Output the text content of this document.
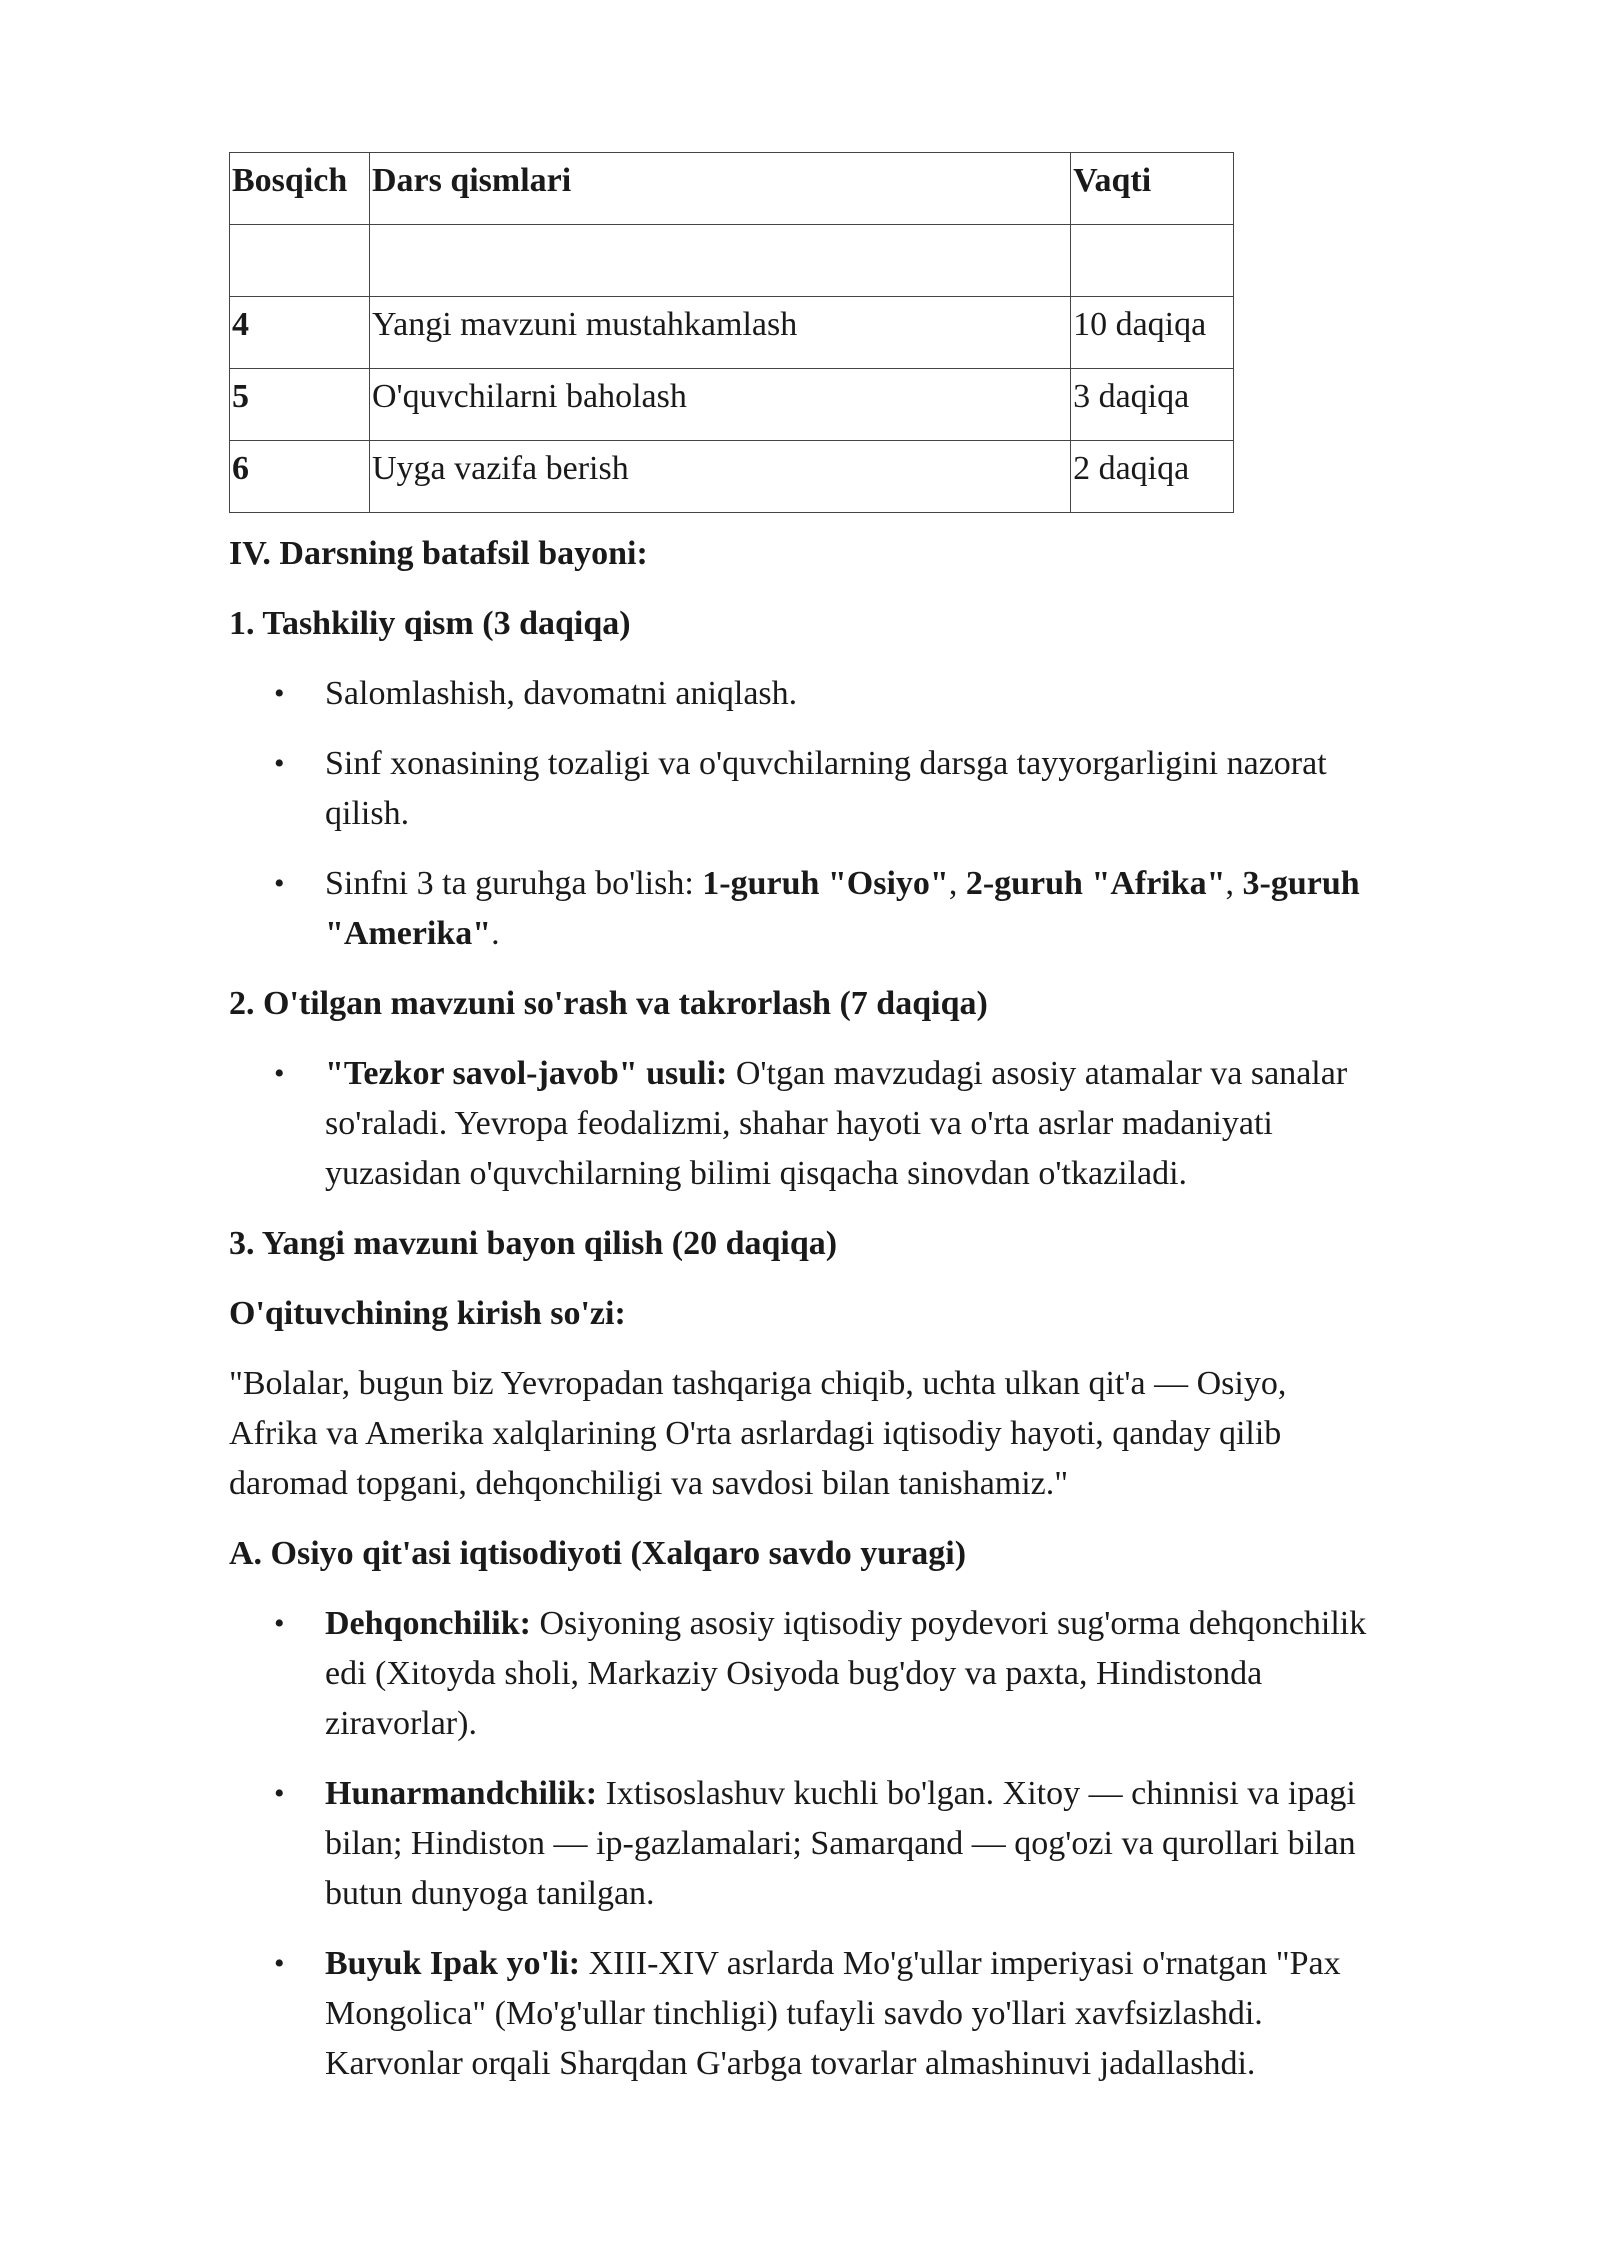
Bosqich	Dars qismlari	Vaqti

4	Yangi mavzuni mustahkamlash	10 daqiqa
5	O'quvchilarni baholash	3 daqiqa
6	Uyga vazifa berish	2 daqiqa

IV. Darsning batafsil bayoni:

1. Tashkiliy qism (3 daqiqa)

• Salomlashish, davomatni aniqlash.
• Sinf xonasining tozaligi va o'quvchilarning darsga tayyorgarligini nazorat
qilish.
• Sinfni 3 ta guruhga bo'lish: 1-guruh "Osiyo", 2-guruh "Afrika", 3-guruh
"Amerika".

2. O'tilgan mavzuni so'rash va takrorlash (7 daqiqa)

• "Tezkor savol-javob" usuli: O'tgan mavzudagi asosiy atamalar va sanalar
so'raladi. Yevropa feodalizmi, shahar hayoti va o'rta asrlar madaniyati
yuzasidan o'quvchilarning bilimi qisqacha sinovdan o'tkaziladi.

3. Yangi mavzuni bayon qilish (20 daqiqa)

O'qituvchining kirish so'zi:

"Bolalar, bugun biz Yevropadan tashqariga chiqib, uchta ulkan qit'a — Osiyo,
Afrika va Amerika xalqlarining O'rta asrlardagi iqtisodiy hayoti, qanday qilib
daromad topgani, dehqonchiligi va savdosi bilan tanishamiz."

A. Osiyo qit'asi iqtisodiyoti (Xalqaro savdo yuragi)

• Dehqonchilik: Osiyoning asosiy iqtisodiy poydevori sug'orma dehqonchilik
edi (Xitoyda sholi, Markaziy Osiyoda bug'doy va paxta, Hindistonda
ziravorlar).
• Hunarmandchilik: Ixtisoslashuv kuchli bo'lgan. Xitoy — chinnisi va ipagi
bilan; Hindiston — ip-gazlamalari; Samarqand — qog'ozi va qurollari bilan
butun dunyoga tanilgan.
• Buyuk Ipak yo'li: XIII-XIV asrlarda Mo'g'ullar imperiyasi o'rnatgan "Pax
Mongolica" (Mo'g'ullar tinchligi) tufayli savdo yo'llari xavfsizlashdi.
Karvonlar orqali Sharqdan G'arbga tovarlar almashinuvi jadallashdi.
